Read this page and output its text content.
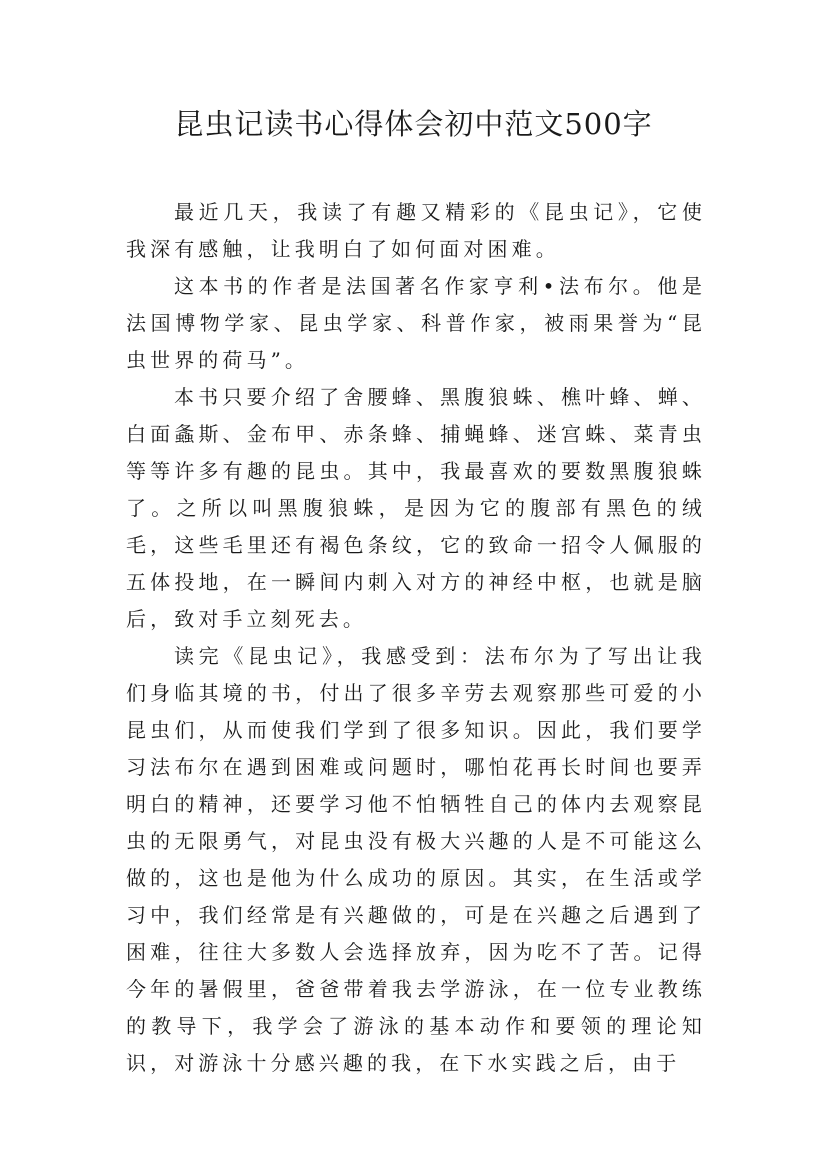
昆虫记读书心得体会初中范文500字

最近几天，我读了有趣又精彩的《昆虫记》，它使我深有感触，让我明白了如何面对困难。

这本书的作者是法国著名作家亨利•法布尔。他是法国博物学家、昆虫学家、科普作家，被雨果誉为“昆虫世界的荷马”。

本书只要介绍了舍腰蜂、黑腹狼蛛、樵叶蜂、蝉、白面螽斯、金布甲、赤条蜂、捕蝇蜂、迷宫蛛、菜青虫等等许多有趣的昆虫。其中，我最喜欢的要数黑腹狼蛛了。之所以叫黑腹狼蛛，是因为它的腹部有黑色的绒毛，这些毛里还有褐色条纹，它的致命一招令人佩服的五体投地，在一瞬间内刺入对方的神经中枢，也就是脑后，致对手立刻死去。

读完《昆虫记》，我感受到：法布尔为了写出让我们身临其境的书，付出了很多辛劳去观察那些可爱的小昆虫们，从而使我们学到了很多知识。因此，我们要学习法布尔在遇到困难或问题时，哪怕花再长时间也要弄明白的精神，还要学习他不怕牺牲自己的体内去观察昆虫的无限勇气，对昆虫没有极大兴趣的人是不可能这么做的，这也是他为什么成功的原因。其实，在生活或学习中，我们经常是有兴趣做的，可是在兴趣之后遇到了困难，往往大多数人会选择放弃，因为吃不了苦。记得今年的暑假里，爸爸带着我去学游泳，在一位专业教练的教导下，我学会了游泳的基本动作和要领的理论知识，对游泳十分感兴趣的我，在下水实践之后，由于
